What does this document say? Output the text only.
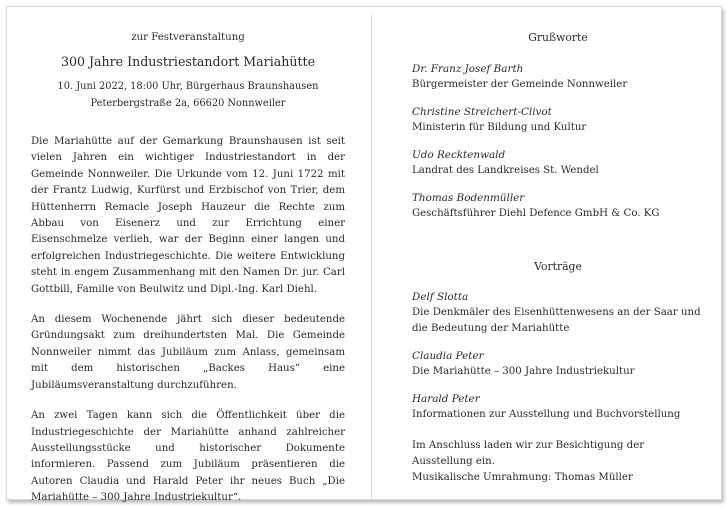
zur Festveranstaltung
300 Jahre Industriestandort Mariahütte
10. Juni 2022, 18:00 Uhr, Bürgerhaus Braunshausen
Peterbergstraße 2a, 66620 Nonnweiler

Die Mariahütte auf der Gemarkung Braunshausen ist seit vielen Jahren ein wichtiger Industriestandort in der Gemeinde Nonnweiler. Die Urkunde vom 12. Juni 1722 mit der Frantz Ludwig, Kurfürst und Erzbischof von Trier, dem Hüttenherrn Remacle Joseph Hauzeur die Rechte zum Abbau von Eisenerz und zur Errichtung einer Eisenschmelze verlieh, war der Beginn einer langen und erfolgreichen Industriegeschichte. Die weitere Entwicklung steht in engem Zusammenhang mit den Namen Dr. jur. Carl Gottbill, Familie von Beulwitz und Dipl.-Ing. Karl Diehl.

An diesem Wochenende jährt sich dieser bedeutende Gründungsakt zum dreihundertsten Mal. Die Gemeinde Nonnweiler nimmt das Jubiläum zum Anlass, gemeinsam mit dem historischen „Backes Haus“ eine Jubiläumsveranstaltung durchzuführen.

An zwei Tagen kann sich die Öffentlichkeit über die Industriegeschichte der Mariahütte anhand zahlreicher Ausstellungsstücke und historischer Dokumente informieren. Passend zum Jubiläum präsentieren die Autoren Claudia und Harald Peter ihr neues Buch „Die Mariahütte – 300 Jahre Industriekultur“.

Grußworte
Dr. Franz Josef Barth
Bürgermeister der Gemeinde Nonnweiler
Christine Streichert-Clivot
Ministerin für Bildung und Kultur
Udo Recktenwald
Landrat des Landkreises St. Wendel
Thomas Bodenmüller
Geschäftsführer Diehl Defence GmbH & Co. KG
Vorträge
Delf Slotta
Die Denkmäler des Eisenhüttenwesens an der Saar und
die Bedeutung der Mariahütte
Claudia Peter
Die Mariahütte – 300 Jahre Industriekultur
Harald Peter
Informationen zur Ausstellung und Buchvorstellung
Im Anschluss laden wir zur Besichtigung der Ausstellung ein.
Musikalische Umrahmung: Thomas Müller
